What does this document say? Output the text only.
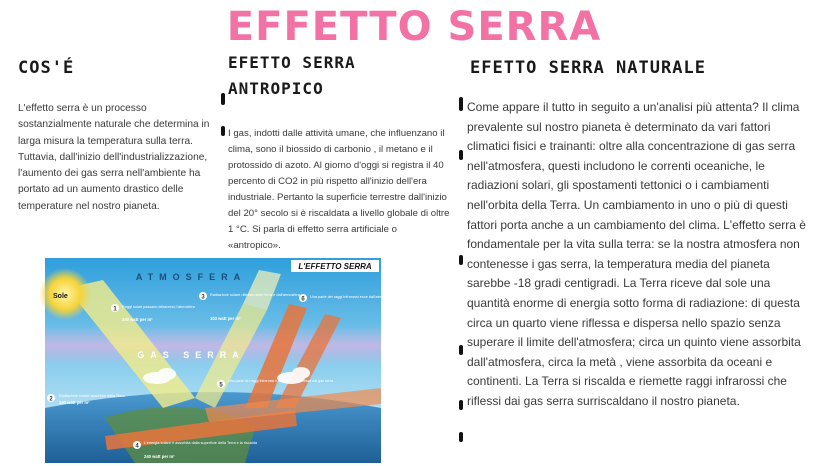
EFFETTO SERRA
COS'É
L'effetto serra è un processo sostanzialmente naturale che determina in larga misura la temperatura sulla terra. Tuttavia, dall'inizio dell'industrializzazione, l'aumento dei gas serra nell'ambiente ha portato ad un aumento drastico delle temperature nel nostro pianeta.
EFETTO SERRA
ANTROPICO
I gas, indotti dalle attività umane, che influenzano il clima, sono il biossido di carbonio , il metano e il protossido di azoto. Al giorno d'oggi si registra il 40 percento di CO2 in più rispetto all'inizio dell'era industriale. Pertanto la superficie terrestre dall'inizio del 20° secolo si è riscaldata a livello globale di oltre 1 °C. Si parla di effetto serra artificiale o «antropico».
EFETTO SERRA NATURALE
Come appare il tutto in seguito a un'analisi più attenta? Il clima prevalente sul nostro pianeta è determinato da vari fattori climatici fisici e trainanti: oltre alla concentrazione di gas serra nell'atmosfera, questi includono le correnti oceaniche, le radiazioni solari, gli spostamenti tettonici o i cambiamenti nell'orbita della Terra. Un cambiamento in uno o più di questi fattori porta anche a un cambiamento del clima. L'effetto serra è fondamentale per la vita sulla terra: se la nostra atmosfera non contenesse i gas serra, la temperatura media del pianeta sarebbe -18 gradi centigradi. La Terra riceve dal sole una quantità enorme di energia sotto forma di radiazione: di questa circa un quarto viene riflessa e dispersa nello spazio senza superare il limite dell'atmosfera; circa un quinto viene assorbita dall'atmosfera, circa la metà , viene assorbita da oceani e continenti. La Terra si riscalda e riemette raggi infrarossi che riflessi dai gas serra surriscaldano il nostro pianeta.
L'EFFETTO SERRA
ATMOSFERA
GAS SERRA
Sole
1 Raggi solari passano attraverso l'atmosfera
240 watt per m²
3 Radiazione solare riflessa dalla Terra e dall'atmosfera
103 watt per m²
6 Una parte dei raggi infrarossi esce dall'atmosfera
2
Radiazione solare assorbita dalla Terra
240 watt per m²
5
Una parte dei raggi infrarossi è assorbita e riemessa dai gas serra
4
L'energia solare è assorbita dalla superficie della Terra e la riscalda
240 watt per m²
